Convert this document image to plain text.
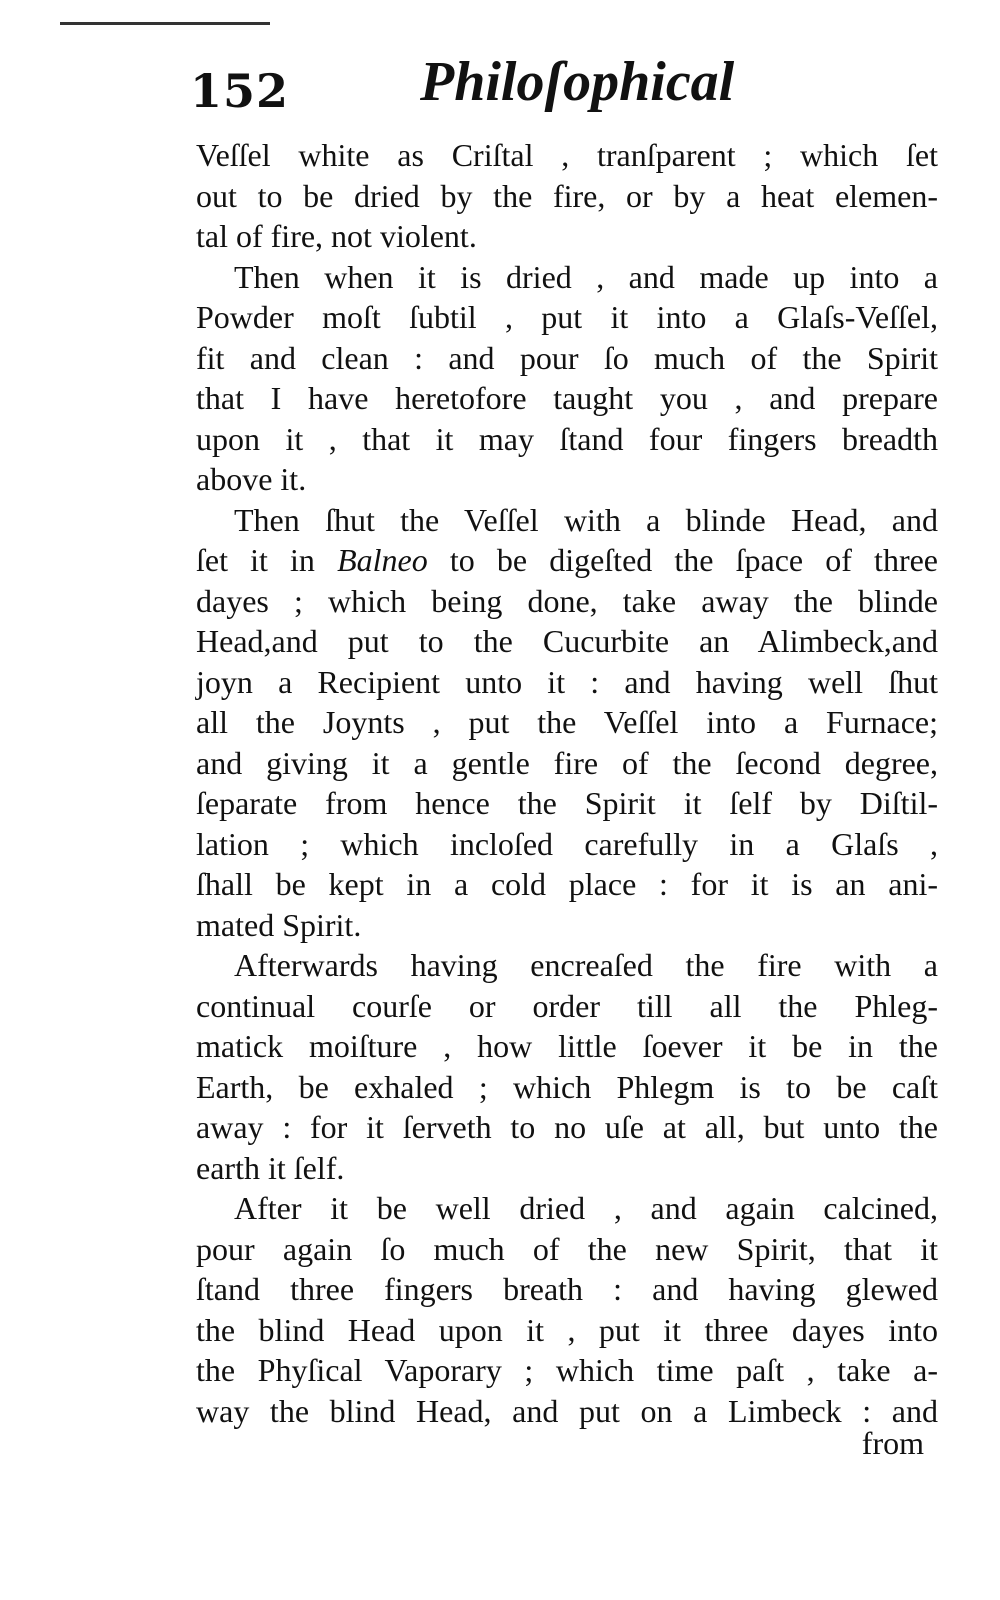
152 Philoſophical
Veſſel white as Criſtal , tranſparent ; which ſet
out to be dried by the fire, or by a heat elemen-
tal of fire, not violent.
Then when it is dried , and made up into a
Powder moſt ſubtil , put it into a Glaſs-Veſſel,
fit and clean : and pour ſo much of the Spirit
that I have heretofore taught you , and prepare
upon it , that it may ſtand four fingers breadth
above it.
Then ſhut the Veſſel with a blinde Head, and
ſet it in Balneo to be digeſted the ſpace of three
dayes ; which being done, take away the blinde
Head,and put to the Cucurbite an Alimbeck,and
joyn a Recipient unto it : and having well ſhut
all the Joynts , put the Veſſel into a Furnace;
and giving it a gentle fire of the ſecond degree,
ſeparate from hence the Spirit it ſelf by Diſtil-
lation ; which incloſed carefully in a Glaſs ,
ſhall be kept in a cold place : for it is an ani-
mated Spirit.
Afterwards having encreaſed the fire with a
continual courſe or order till all the Phleg-
matick moiſture , how little ſoever it be in the
Earth, be exhaled ; which Phlegm is to be caſt
away : for it ſerveth to no uſe at all, but unto the
earth it ſelf.
After it be well dried , and again calcined,
pour again ſo much of the new Spirit, that it
ſtand three fingers breath : and having glewed
the blind Head upon it , put it three dayes into
the Phyſical Vaporary ; which time paſt , take a-
way the blind Head, and put on a Limbeck : and
from
